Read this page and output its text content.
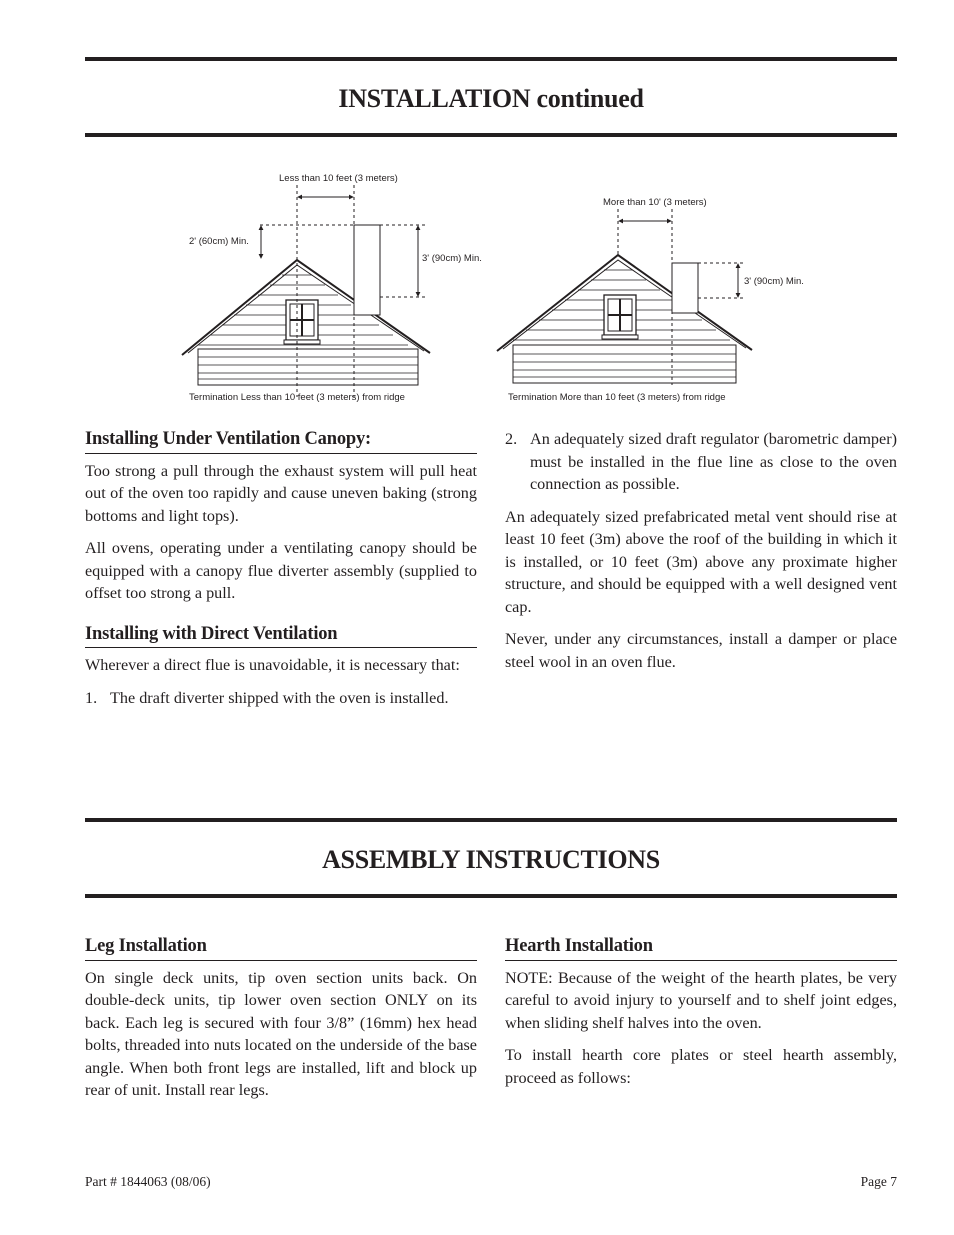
INSTALLATION continued
Less than 10 feet (3 meters)
2' (60cm) Min.
3' (90cm) Min.
Termination Less than 10 feet (3 meters) from ridge
More than 10' (3 meters)
3' (90cm) Min.
Termination More than 10 feet (3 meters) from ridge
Installing Under Ventilation Canopy:

Too strong a pull through the exhaust system will pull heat out of the oven too rapidly and cause uneven baking (strong bottoms and light tops).

All ovens, operating under a ventilating canopy should be equipped with a canopy flue diverter assembly (supplied to offset too strong a pull.

Installing with Direct Ventilation

Wherever a direct flue is unavoidable, it is necessary that:

1. The draft diverter shipped with the oven is installed.
2. An adequately sized draft regulator (barometric damper) must be installed in the flue line as close to the oven connection as possible.

An adequately sized prefabricated metal vent should rise at least 10 feet (3m) above the roof of the building in which it is installed, or 10 feet (3m) above any proximate higher structure, and should be equipped with a well designed vent cap.

Never, under any circumstances, install a damper or place steel wool in an oven flue.

ASSEMBLY INSTRUCTIONS
Leg Installation

On single deck units, tip oven section units back. On double-deck units, tip lower oven section ONLY on its back. Each leg is secured with four 3/8” (16mm) hex head bolts, threaded into nuts located on the underside of the base angle. When both front legs are installed, lift and block up rear of unit. Install rear legs.

Hearth Installation

NOTE: Because of the weight of the hearth plates, be very careful to avoid injury to yourself and to shelf joint edges, when sliding shelf halves into the oven.

To install hearth core plates or steel hearth assembly, proceed as follows:

Part # 1844063 (08/06)	Page 7
